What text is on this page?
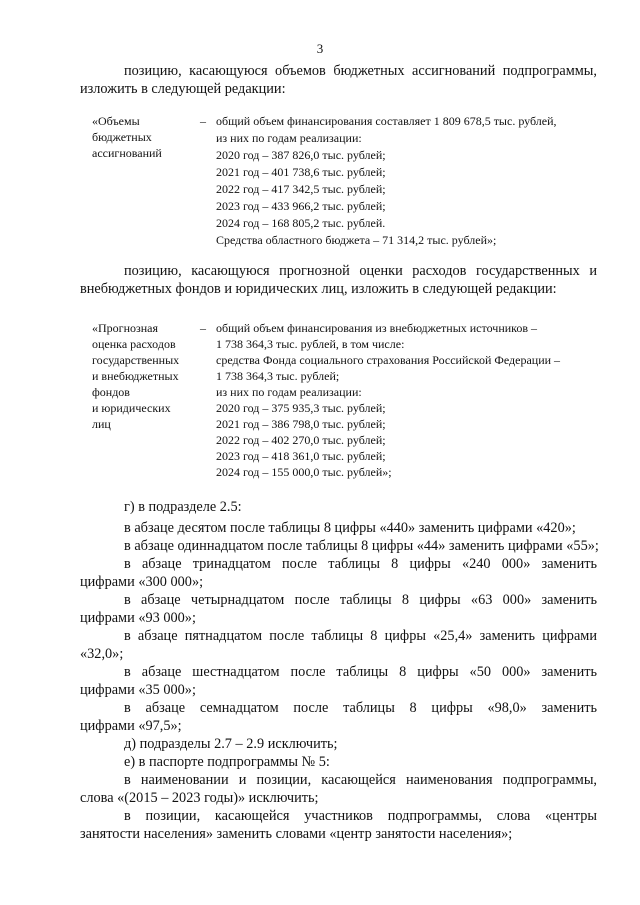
3
позицию, касающуюся объемов бюджетных ассигнований подпрограммы, изложить в следующей редакции:
«Объемы
бюджетных
ассигнований
– общий объем финансирования составляет 1 809 678,5 тыс. рублей,
из них по годам реализации:
2020 год – 387 826,0 тыс. рублей;
2021 год – 401 738,6 тыс. рублей;
2022 год – 417 342,5 тыс. рублей;
2023 год – 433 966,2 тыс. рублей;
2024 год – 168 805,2 тыс. рублей.
Средства областного бюджета – 71 314,2 тыс. рублей»;
позицию, касающуюся прогнозной оценки расходов государственных и внебюджетных фондов и юридических лиц, изложить в следующей редакции:
«Прогнозная
оценка расходов
государственных
и внебюджетных
фондов
и юридических
лиц
– общий объем финансирования из внебюджетных источников –
1 738 364,3 тыс. рублей, в том числе:
средства Фонда социального страхования Российской Федерации –
1 738 364,3 тыс. рублей;
из них по годам реализации:
2020 год – 375 935,3 тыс. рублей;
2021 год – 386 798,0 тыс. рублей;
2022 год – 402 270,0 тыс. рублей;
2023 год – 418 361,0 тыс. рублей;
2024 год – 155 000,0 тыс. рублей»;
г) в подразделе 2.5:
в абзаце десятом после таблицы 8 цифры «440» заменить цифрами «420»;
в абзаце одиннадцатом после таблицы 8 цифры «44» заменить цифрами «55»;
в абзаце тринадцатом после таблицы 8 цифры «240 000» заменить
цифрами «300 000»;
в абзаце четырнадцатом после таблицы 8 цифры «63 000» заменить
цифрами «93 000»;
в абзаце пятнадцатом после таблицы 8 цифры «25,4» заменить цифрами
«32,0»;
в абзаце шестнадцатом после таблицы 8 цифры «50 000» заменить
цифрами «35 000»;
в абзаце семнадцатом после таблицы 8 цифры «98,0» заменить
цифрами «97,5»;
д) подразделы 2.7 – 2.9 исключить;
е) в паспорте подпрограммы № 5:
в наименовании и позиции, касающейся наименования подпрограммы,
слова «(2015 – 2023 годы)» исключить;
в позиции, касающейся участников подпрограммы, слова «центры
занятости населения» заменить словами «центр занятости населения»;
